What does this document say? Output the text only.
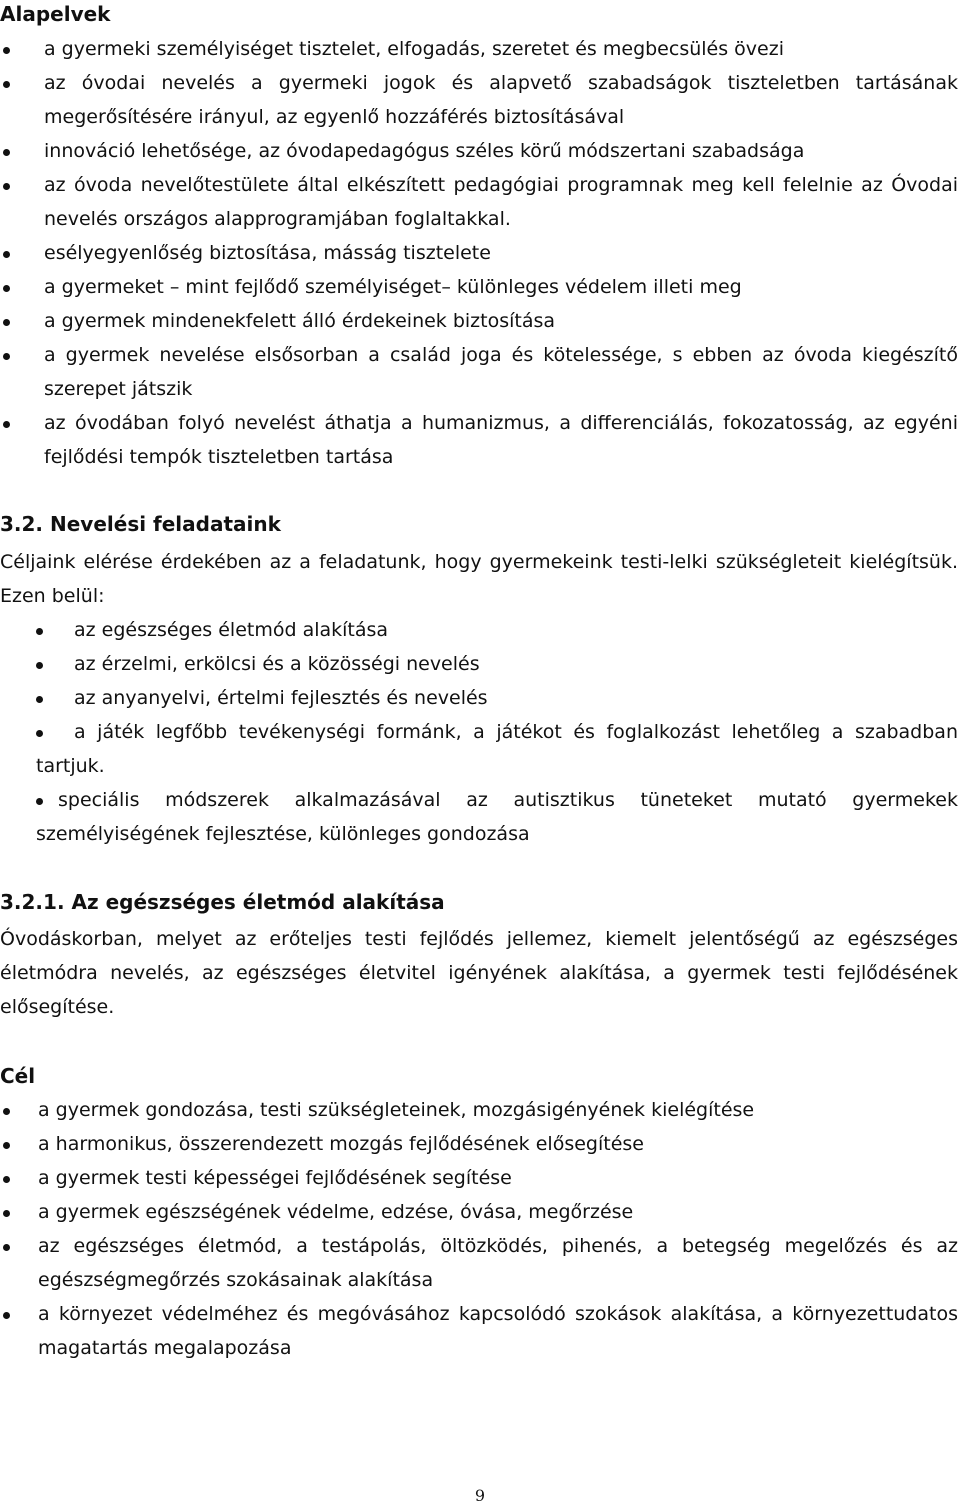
Alapelvek
a gyermeki személyiséget tisztelet, elfogadás, szeretet és megbecsülés övezi
az óvodai nevelés a gyermeki jogok és alapvető szabadságok tiszteletben tartásának megerősítésére irányul, az egyenlő hozzáférés biztosításával
innováció lehetősége, az óvodapedagógus széles körű módszertani szabadsága
az óvoda nevelőtestülete által elkészített pedagógiai programnak meg kell felelnie az Óvodai nevelés országos alapprogramjában foglaltakkal.
esélyegyenlőség biztosítása, másság tisztelete
a gyermeket – mint fejlődő személyiséget– különleges védelem illeti meg
a gyermek mindenekfelett álló érdekeinek biztosítása
a gyermek nevelése elsősorban a család joga és kötelessége, s ebben az óvoda kiegészítő szerepet játszik
az óvodában folyó nevelést áthatja a humanizmus, a differenciálás, fokozatosság, az egyéni fejlődési tempók tiszteletben tartása
3.2. Nevelési feladataink
Céljaink elérése érdekében az a feladatunk, hogy gyermekeink testi-lelki szükségleteit kielégítsük. Ezen belül:
az egészséges életmód alakítása
az érzelmi, erkölcsi és a közösségi nevelés
az anyanyelvi, értelmi fejlesztés és nevelés
a játék legfőbb tevékenységi formánk, a játékot és foglalkozást lehetőleg a szabadban tartjuk.
speciális módszerek alkalmazásával az autisztikus tüneteket mutató gyermekek személyiségének fejlesztése, különleges gondozása
3.2.1. Az egészséges életmód alakítása
Óvodáskorban, melyet az erőteljes testi fejlődés jellemez, kiemelt jelentőségű az egészséges életmódra nevelés, az egészséges életvitel igényének alakítása, a gyermek testi fejlődésének elősegítése.
Cél
a gyermek gondozása, testi szükségleteinek, mozgásigényének kielégítése
a harmonikus, összerendezett mozgás fejlődésének elősegítése
a gyermek testi képességei fejlődésének segítése
a gyermek egészségének védelme, edzése, óvása, megőrzése
az egészséges életmód, a testápolás, öltözködés, pihenés, a betegség megelőzés és az egészségmegőrzés szokásainak alakítása
a környezet védelméhez és megóvásához kapcsolódó szokások alakítása, a környezettudatos magatartás megalapozása
9
